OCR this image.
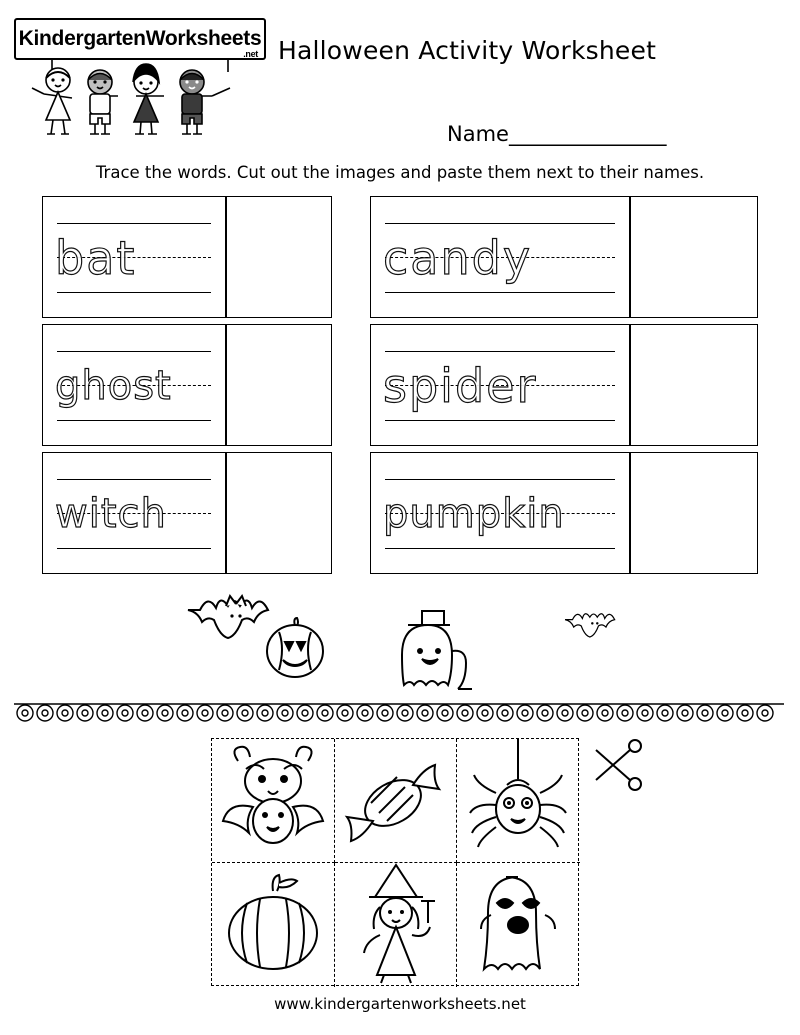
KindergartenWorksheets
.net Halloween Activity Worksheet
Name_______________
Trace the words. Cut out the images and paste them next to their names.
bat	candy
ghost	spider
witch	pumpkin
www.kindergartenworksheets.net
